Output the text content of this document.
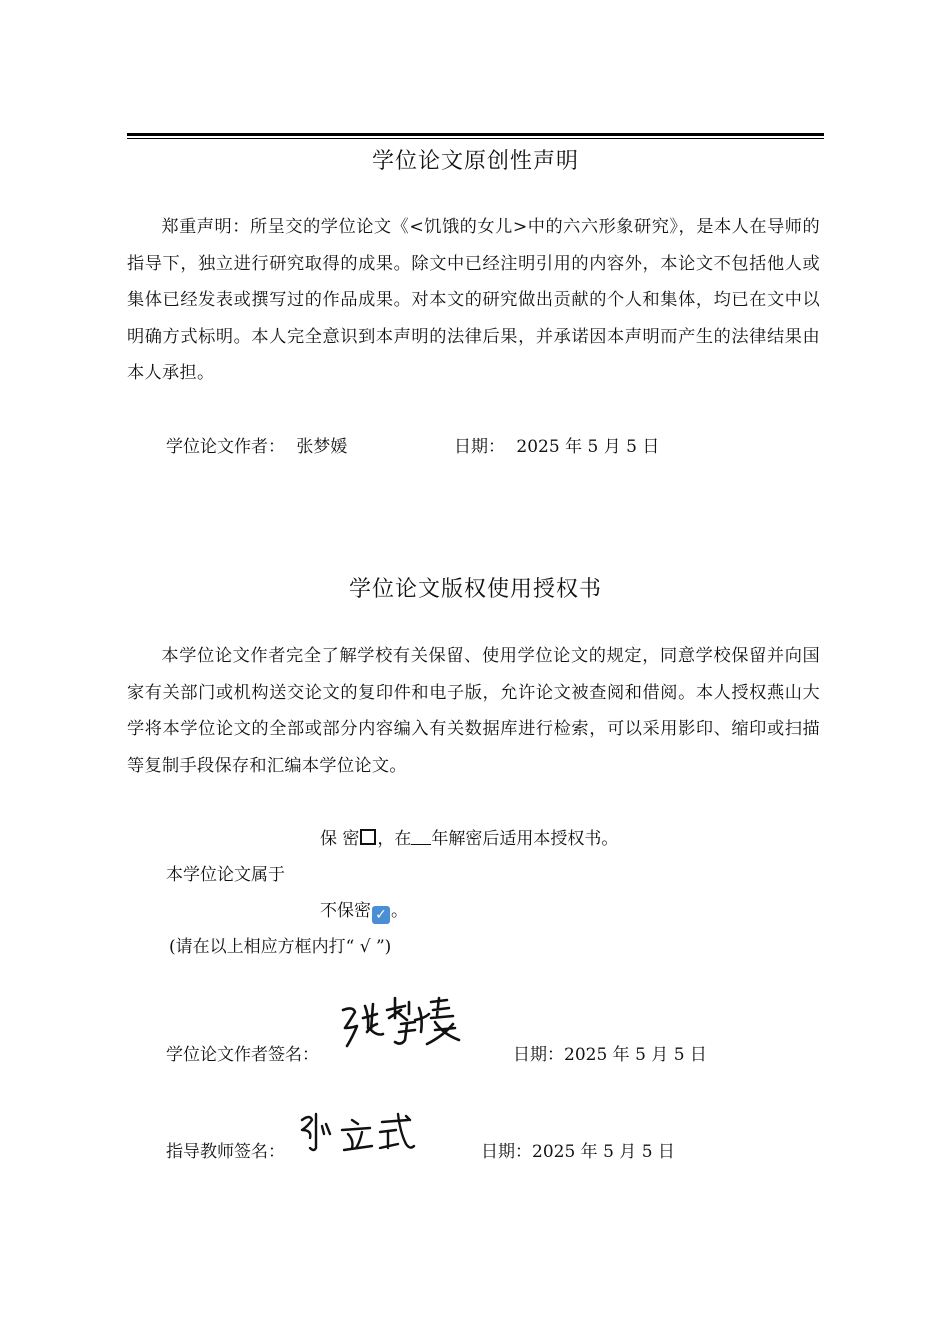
学位论文原创性声明

郑重声明：所呈交的学位论文《<饥饿的女儿>中的六六形象研究》，是本人在导师的指导下，独立进行研究取得的成果。除文中已经注明引用的内容外，本论文不包括他人或集体已经发表或撰写过的作品成果。对本文的研究做出贡献的个人和集体，均已在文中以明确方式标明。本人完全意识到本声明的法律后果，并承诺因本声明而产生的法律结果由本人承担。

学位论文作者： 张梦媛	日期： 2025 年 5 月 5 日
学位论文版权使用授权书

本学位论文作者完全了解学校有关保留、使用学位论文的规定，同意学校保留并向国家有关部门或机构送交论文的复印件和电子版，允许论文被查阅和借阅。本人授权燕山大学将本学位论文的全部或部分内容编入有关数据库进行检索，可以采用影印、缩印或扫描等复制手段保存和汇编本学位论文。

保 密 ，在 年解密后适用本授权书。
本学位论文属于
不保密 ✓ 。
(请在以上相应方框内打“ √ ”)
学位论文作者签名：	日期：2025 年 5 月 5 日
指导教师签名：	日期：2025 年 5 月 5 日
